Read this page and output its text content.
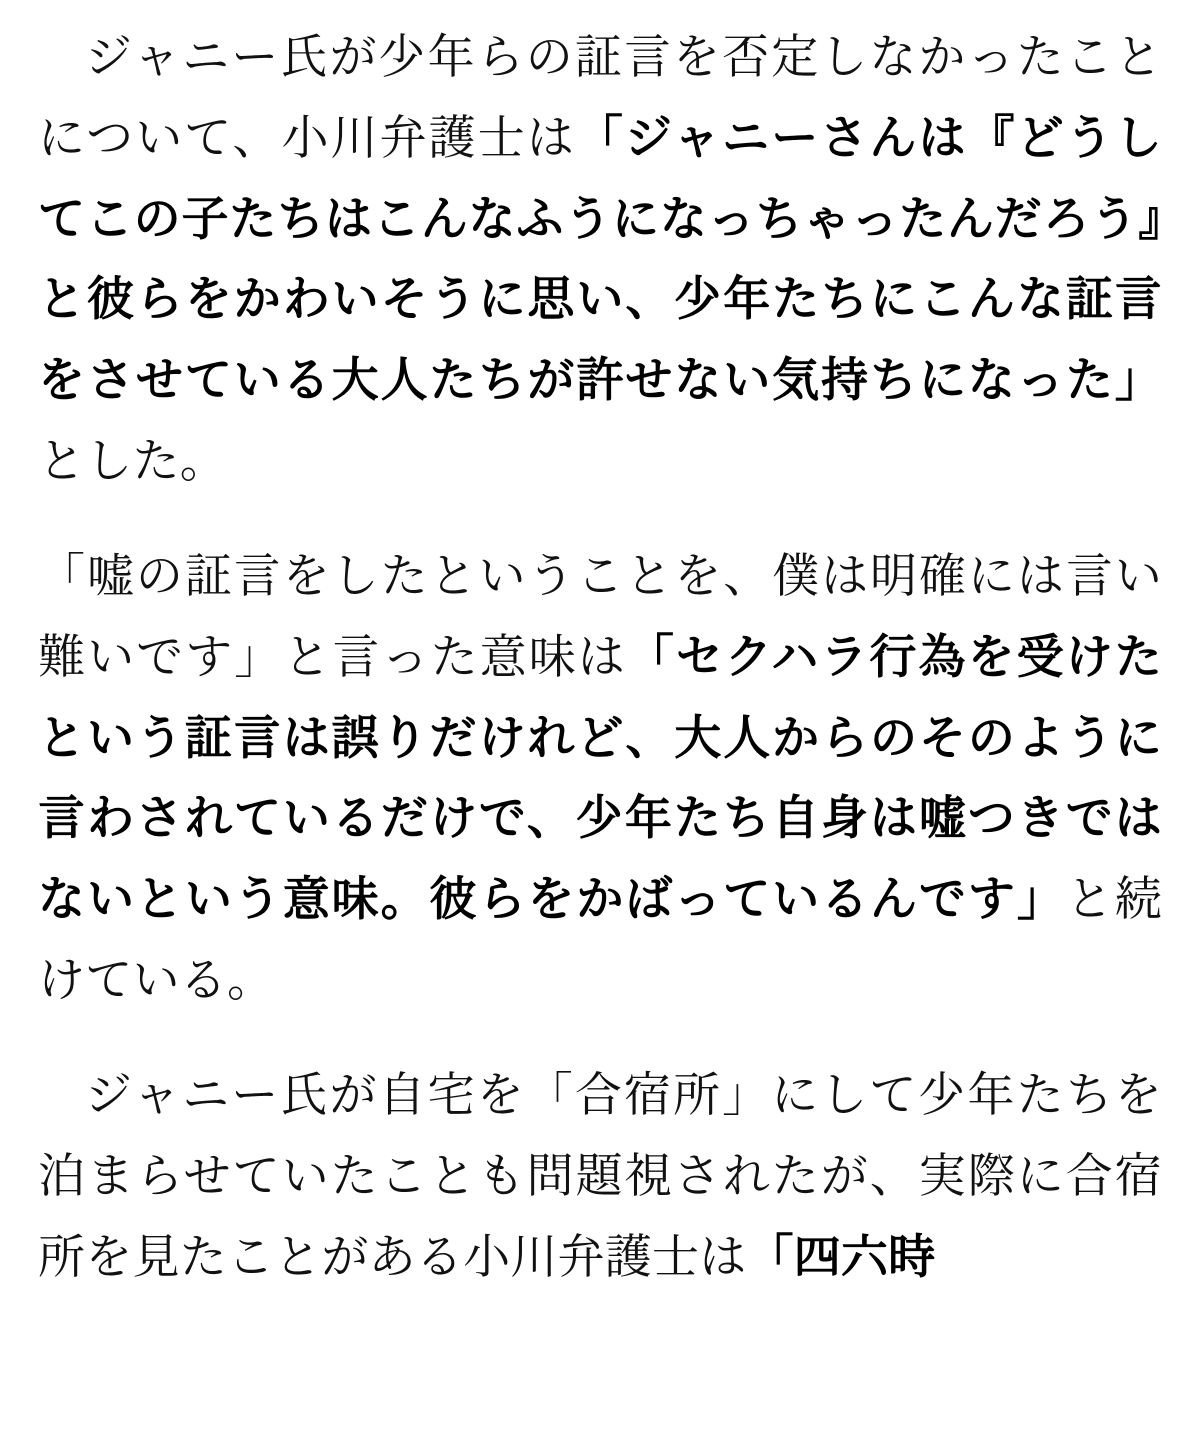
ジャニー氏が少年らの証言を否定しなかったことについて、小川弁護士は「ジャニーさんは『どうしてこの子たちはこんなふうになっちゃったんだろう』と彼らをかわいそうに思い、少年たちにこんな証言をさせている大人たちが許せない気持ちになった」とした。

「嘘の証言をしたということを、僕は明確には言い難いです」と言った意味は「セクハラ行為を受けたという証言は誤りだけれど、大人からのそのように言わされているだけで、少年たち自身は嘘つきではないという意味。彼らをかばっているんです」と続けている。

ジャニー氏が自宅を「合宿所」にして少年たちを泊まらせていたことも問題視されたが、実際に合宿所を見たことがある小川弁護士は「四六時
